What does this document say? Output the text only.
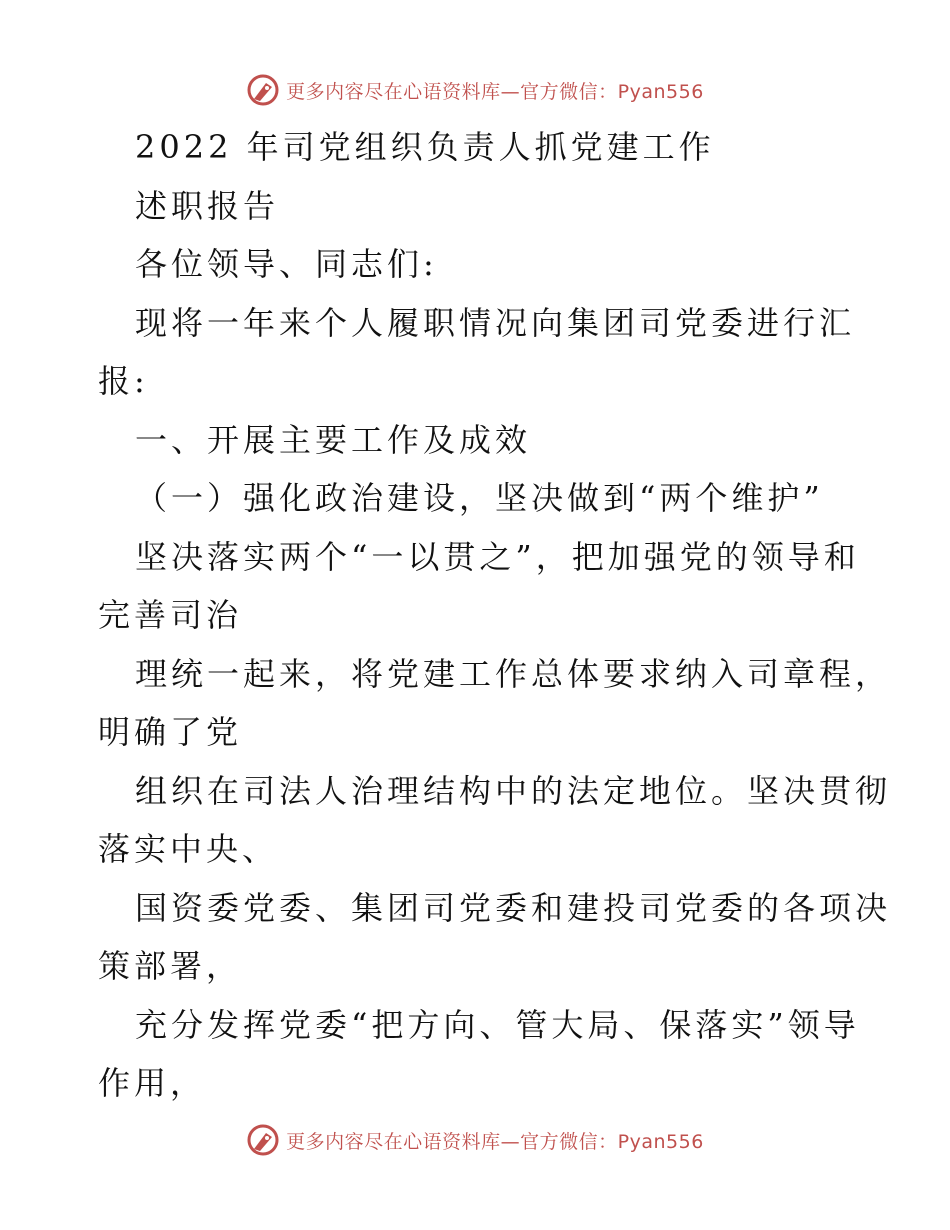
更多内容尽在心语资料库—官方微信：Pyan556
2022 年司党组织负责人抓党建工作
述职报告
各位领导、同志们:
现将一年来个人履职情况向集团司党委进行汇
报:
一、开展主要工作及成效
（一）强化政治建设，坚决做到“两个维护”
坚决落实两个“一以贯之”，把加强党的领导和
完善司治
理统一起来，将党建工作总体要求纳入司章程，
明确了党
组织在司法人治理结构中的法定地位。坚决贯彻
落实中央、
国资委党委、集团司党委和建投司党委的各项决
策部署，
充分发挥党委“把方向、管大局、保落实”领导
作用，
更多内容尽在心语资料库—官方微信：Pyan556
